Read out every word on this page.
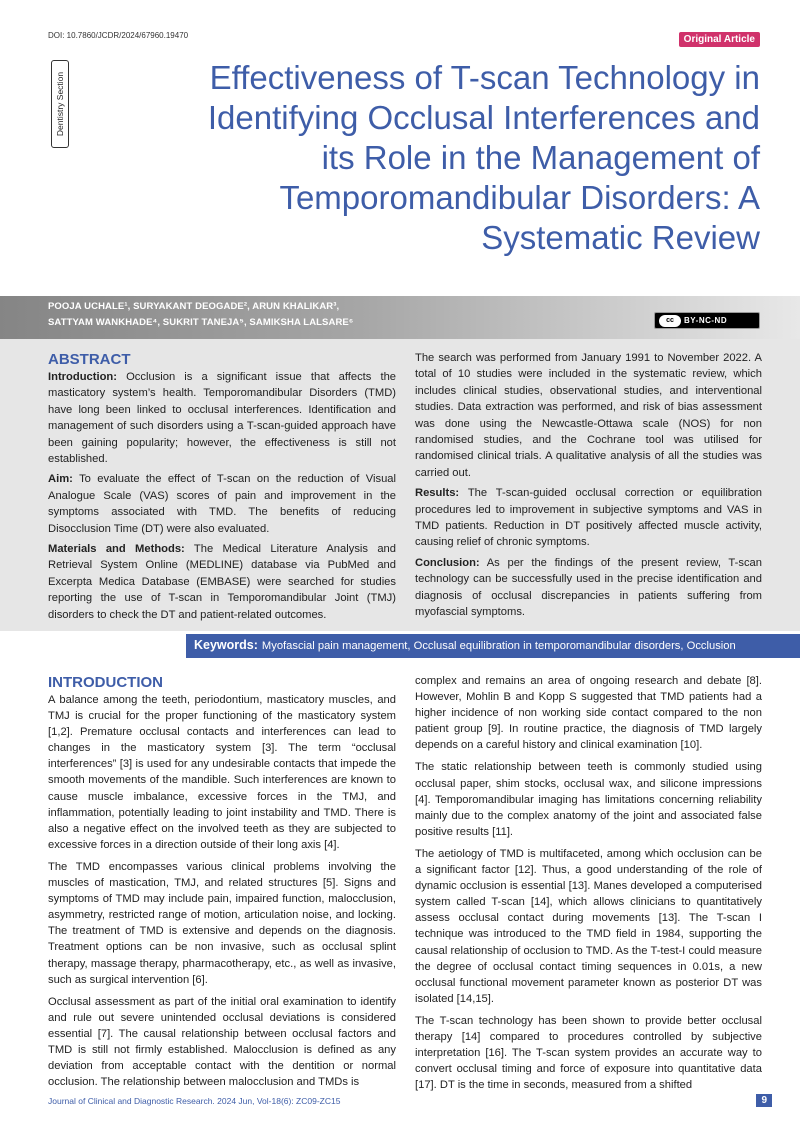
DOI: 10.7860/JCDR/2024/67960.19470	Original Article
Dentistry Section	Effectiveness of T-scan Technology in Identifying Occlusal Interferences and its Role in the Management of Temporomandibular Disorders: A Systematic Review
POOJA UCHALE¹, SURYAKANT DEOGADE², ARUN KHALIKAR³,
SATTYAM WANKHADE⁴, SUKRIT TANEJA⁵, SAMIKSHA LALSARE⁶	cc	BY-NC-ND
ABSTRACT

Introduction: Occlusion is a significant issue that affects the masticatory system’s health. Temporomandibular Disorders (TMD) have long been linked to occlusal interferences. Identification and management of such disorders using a T-scan-guided approach have been gaining popularity; however, the effectiveness is still not established.

Aim: To evaluate the effect of T-scan on the reduction of Visual Analogue Scale (VAS) scores of pain and improvement in the symptoms associated with TMD. The benefits of reducing Disocclusion Time (DT) were also evaluated.

Materials and Methods: The Medical Literature Analysis and Retrieval System Online (MEDLINE) database via PubMed and Excerpta Medica Database (EMBASE) were searched for studies reporting the use of T-scan in Temporomandibular Joint (TMJ) disorders to check the DT and patient-related outcomes.

The search was performed from January 1991 to November 2022. A total of 10 studies were included in the systematic review, which includes clinical studies, observational studies, and interventional studies. Data extraction was performed, and risk of bias assessment was done using the Newcastle-Ottawa scale (NOS) for non randomised studies, and the Cochrane tool was utilised for randomised clinical trials. A qualitative analysis of all the studies was carried out.

Results: The T-scan-guided occlusal correction or equilibration procedures led to improvement in subjective symptoms and VAS in TMD patients. Reduction in DT positively affected muscle activity, causing relief of chronic symptoms.

Conclusion: As per the findings of the present review, T-scan technology can be successfully used in the precise identification and diagnosis of occlusal discrepancies in patients suffering from myofascial symptoms.

Keywords: Myofascial pain management, Occlusal equilibration in temporomandibular disorders, Occlusion
INTRODUCTION

A balance among the teeth, periodontium, masticatory muscles, and TMJ is crucial for the proper functioning of the masticatory system [1,2]. Premature occlusal contacts and interferences can lead to changes in the masticatory system [3]. The term “occlusal interferences” [3] is used for any undesirable contacts that impede the smooth movements of the mandible. Such interferences are known to cause muscle imbalance, excessive forces in the TMJ, and inflammation, potentially leading to joint instability and TMD. There is also a negative effect on the involved teeth as they are subjected to excessive forces in a direction outside of their long axis [4].

The TMD encompasses various clinical problems involving the muscles of mastication, TMJ, and related structures [5]. Signs and symptoms of TMD may include pain, impaired function, malocclusion, asymmetry, restricted range of motion, articulation noise, and locking. The treatment of TMD is extensive and depends on the diagnosis. Treatment options can be non invasive, such as occlusal splint therapy, massage therapy, pharmacotherapy, etc., as well as invasive, such as surgical intervention [6].

Occlusal assessment as part of the initial oral examination to identify and rule out severe unintended occlusal deviations is considered essential [7]. The causal relationship between occlusal factors and TMD is still not firmly established. Malocclusion is defined as any deviation from acceptable contact with the dentition or normal occlusion. The relationship between malocclusion and TMDs is

complex and remains an area of ongoing research and debate [8]. However, Mohlin B and Kopp S suggested that TMD patients had a higher incidence of non working side contact compared to the non patient group [9]. In routine practice, the diagnosis of TMD largely depends on a careful history and clinical examination [10].

The static relationship between teeth is commonly studied using occlusal paper, shim stocks, occlusal wax, and silicone impressions [4]. Temporomandibular imaging has limitations concerning reliability mainly due to the complex anatomy of the joint and associated false positive results [11].

The aetiology of TMD is multifaceted, among which occlusion can be a significant factor [12]. Thus, a good understanding of the role of dynamic occlusion is essential [13]. Manes developed a computerised system called T-scan [14], which allows clinicians to quantitatively assess occlusal contact during movements [13]. The T-scan I technique was introduced to the TMD field in 1984, supporting the causal relationship of occlusion to TMD. As the T-test-I could measure the degree of occlusal contact timing sequences in 0.01s, a new occlusal functional movement parameter known as posterior DT was isolated [14,15].

The T-scan technology has been shown to provide better occlusal therapy [14] compared to procedures controlled by subjective interpretation [16]. The T-scan system provides an accurate way to convert occlusal timing and force of exposure into quantitative data [17]. DT is the time in seconds, measured from a shifted

Journal of Clinical and Diagnostic Research. 2024 Jun, Vol-18(6): ZC09-ZC15	9
